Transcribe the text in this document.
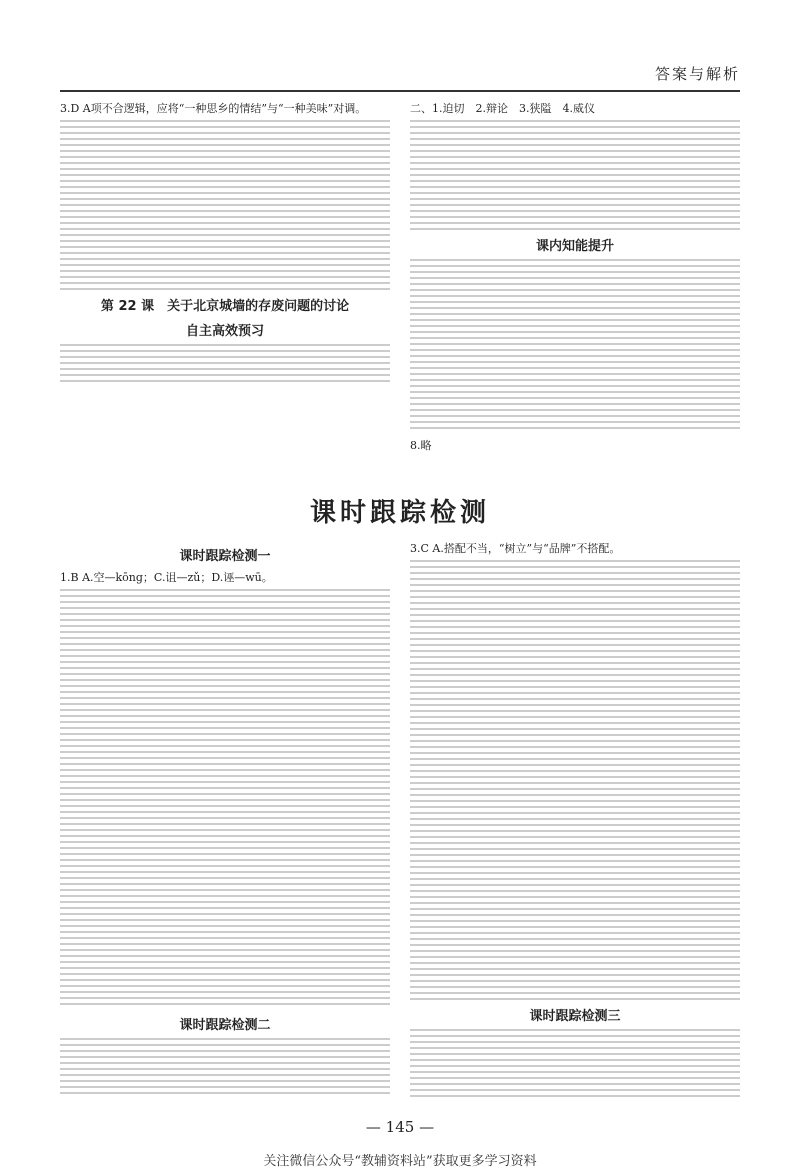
答案与解析

3.D A项不合逻辑，应将“一种思乡的情结”与“一种美味”对调。

第 22 课　关于北京城墙的存废问题的讨论
自主高效预习

二、1.迫切　2.辩论　3.狭隘　4.威仪

课内知能提升

8.略

课时跟踪检测
课时跟踪检测一

1.B A.空—kōng；C.诅—zǔ；D.诬—wū。

课时跟踪检测二

3.C A.搭配不当，“树立”与“品牌”不搭配。

课时跟踪检测三
— 145 —
关注微信公众号“教辅资料站”获取更多学习资料
